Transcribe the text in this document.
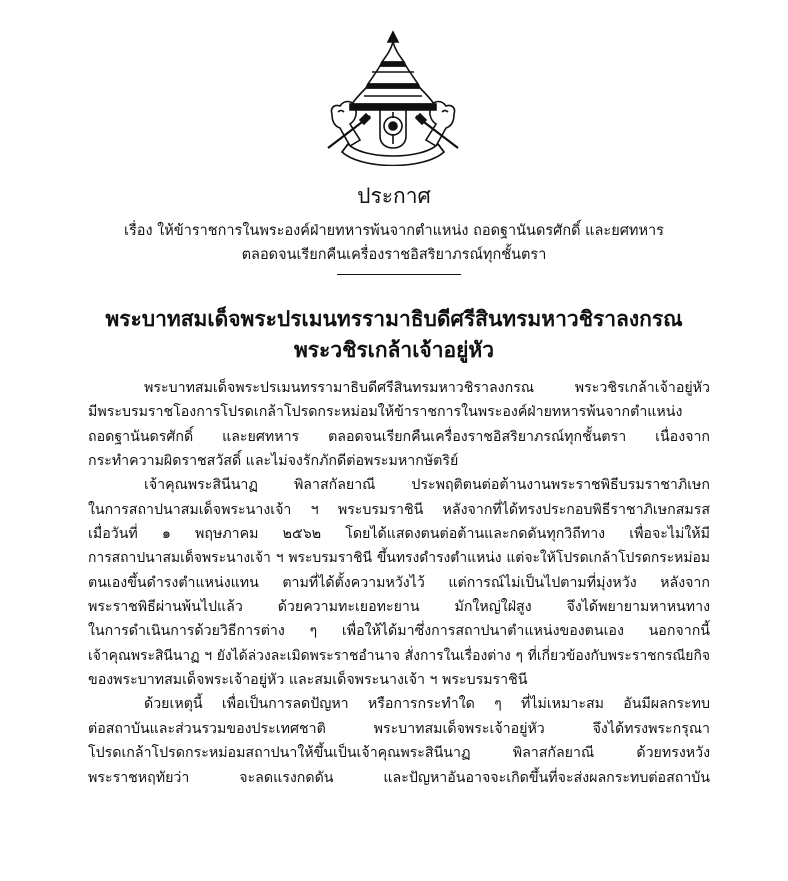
ประกาศ
เรื่อง ให้ข้าราชการในพระองค์ฝ่ายทหารพ้นจากตำแหน่ง ถอดฐานันดรศักดิ์ และยศทหาร
ตลอดจนเรียกคืนเครื่องราชอิสริยาภรณ์ทุกชั้นตรา
พระบาทสมเด็จพระปรเมนทรรามาธิบดีศรีสินทรมหาวชิราลงกรณ
พระวชิรเกล้าเจ้าอยู่หัว
พระบาทสมเด็จพระปรเมนทรรามาธิบดีศรีสินทรมหาวชิราลงกรณ พระวชิรเกล้าเจ้าอยู่หัว
มีพระบรมราชโองการโปรดเกล้าโปรดกระหม่อมให้ข้าราชการในพระองค์ฝ่ายทหารพ้นจากตำแหน่ง
ถอดฐานันดรศักดิ์ และยศทหาร ตลอดจนเรียกคืนเครื่องราชอิสริยาภรณ์ทุกชั้นตรา เนื่องจาก
กระทำความผิดราชสวัสดิ์ และไม่จงรักภักดีต่อพระมหากษัตริย์
เจ้าคุณพระสินีนาฏ พิลาสกัลยาณี ประพฤติตนต่อต้านงานพระราชพิธีบรมราชาภิเษก
ในการสถาปนาสมเด็จพระนางเจ้า ฯ พระบรมราชินี หลังจากที่ได้ทรงประกอบพิธีราชาภิเษกสมรส
เมื่อวันที่ ๑ พฤษภาคม ๒๕๖๒ โดยได้แสดงตนต่อต้านและกดดันทุกวิถีทาง เพื่อจะไม่ให้มี
การสถาปนาสมเด็จพระนางเจ้า ฯ พระบรมราชินี ขึ้นทรงดำรงตำแหน่ง แต่จะให้โปรดเกล้าโปรดกระหม่อม
ตนเองขึ้นดำรงตำแหน่งแทน ตามที่ได้ตั้งความหวังไว้ แต่การณ์ไม่เป็นไปตามที่มุ่งหวัง หลังจาก
พระราชพิธีผ่านพ้นไปแล้ว ด้วยความทะเยอทะยาน มักใหญ่ใฝ่สูง จึงได้พยายามหาหนทาง
ในการดำเนินการด้วยวิธีการต่าง ๆ เพื่อให้ได้มาซึ่งการสถาปนาตำแหน่งของตนเอง นอกจากนี้
เจ้าคุณพระสินีนาฏ ฯ ยังได้ล่วงละเมิดพระราชอำนาจ สั่งการในเรื่องต่าง ๆ ที่เกี่ยวข้องกับพระราชกรณียกิจ
ของพระบาทสมเด็จพระเจ้าอยู่หัว และสมเด็จพระนางเจ้า ฯ พระบรมราชินี
ด้วยเหตุนี้ เพื่อเป็นการลดปัญหา หรือการกระทำใด ๆ ที่ไม่เหมาะสม อันมีผลกระทบ
ต่อสถาบันและส่วนรวมของประเทศชาติ พระบาทสมเด็จพระเจ้าอยู่หัว จึงได้ทรงพระกรุณา
โปรดเกล้าโปรดกระหม่อมสถาปนาให้ขึ้นเป็นเจ้าคุณพระสินีนาฏ พิลาสกัลยาณี ด้วยทรงหวัง
พระราชหฤทัยว่า จะลดแรงกดดัน และปัญหาอันอาจจะเกิดขึ้นที่จะส่งผลกระทบต่อสถาบัน
